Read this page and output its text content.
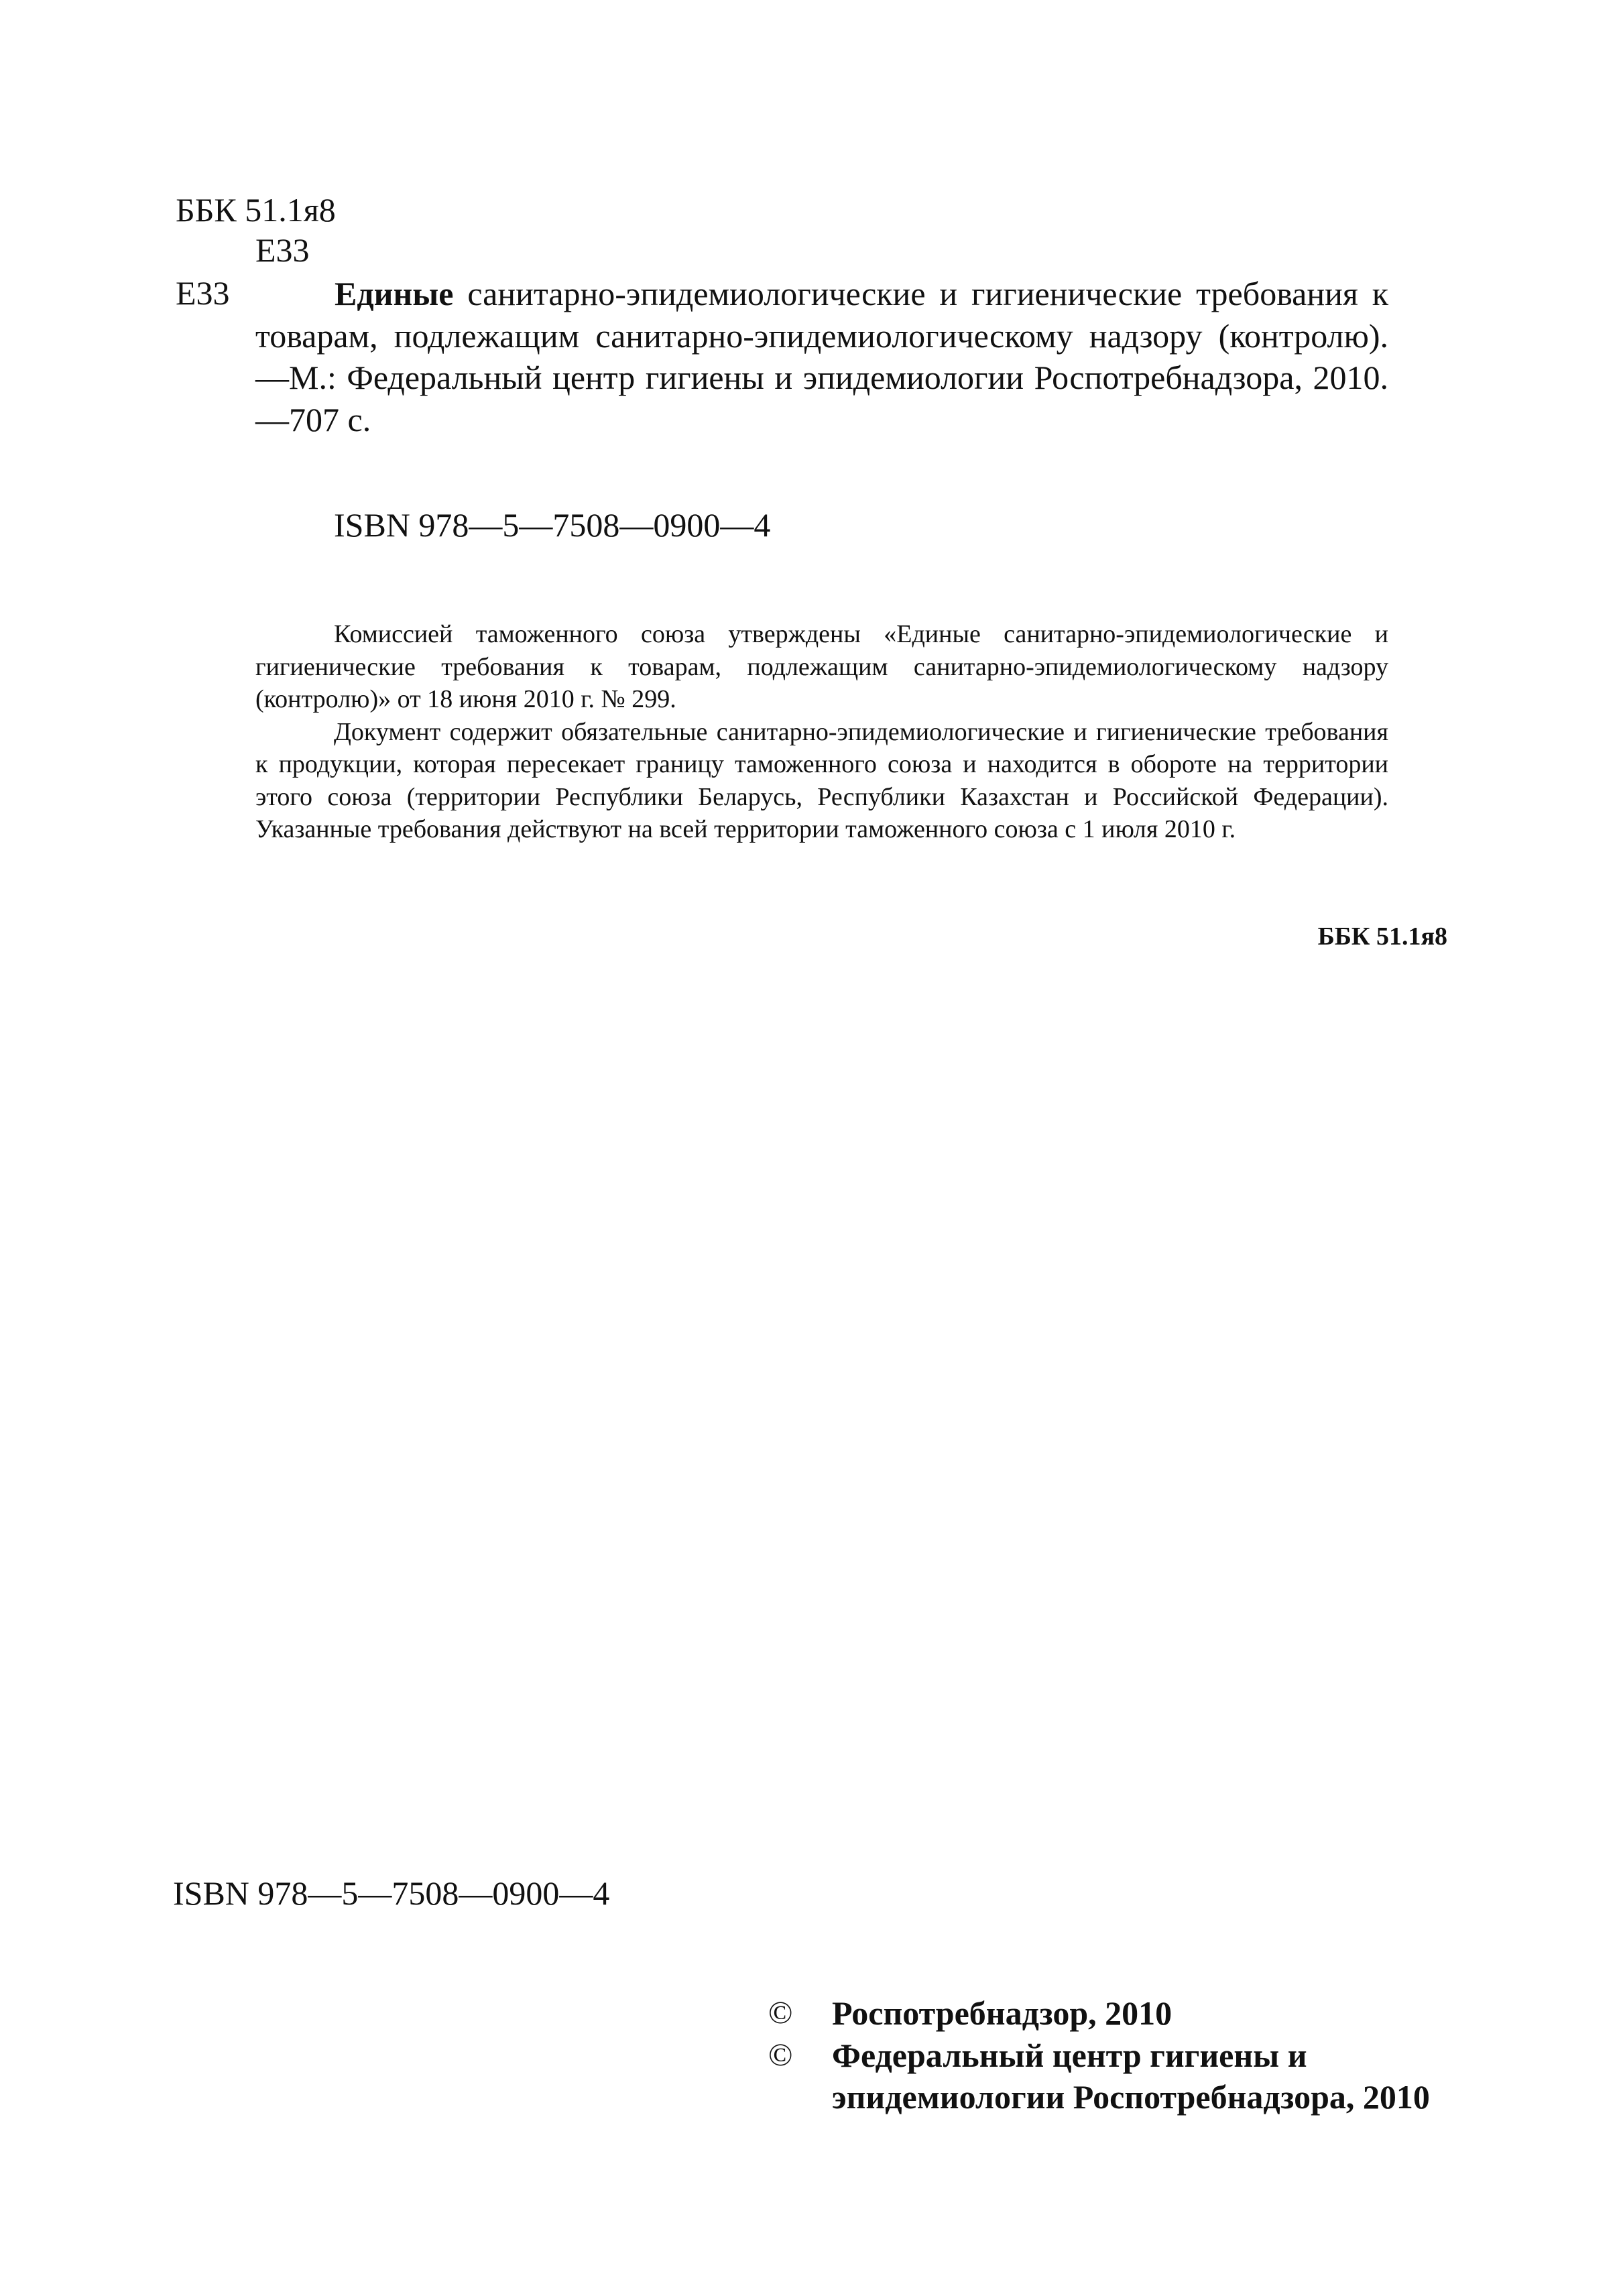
ББК 51.1я8
Е33
Е33	Единые санитарно-эпидемиологические и гигиенические требования к товарам, подлежащим санитарно-эпидемиологическому надзору (контролю).—М.: Федеральный центр гигиены и эпидемиологии Роспотребнадзора, 2010.—707 с.
ISBN 978—5—7508—0900—4

Комиссией таможенного союза утверждены «Единые санитарно-эпидемиологические и гигиенические требования к товарам, подлежащим санитарно-эпидемиологическому надзору (контролю)» от 18 июня 2010 г. № 299.

Документ содержит обязательные санитарно-эпидемиологические и гигиенические требования к продукции, которая пересекает границу таможенного союза и находится в обороте на территории этого союза (территории Республики Беларусь, Республики Казахстан и Российской Федерации). Указанные требования действуют на всей территории таможенного союза с 1 июля 2010 г.

ББК 51.1я8
ISBN 978—5—7508—0900—4
© Роспотребнадзор, 2010
© Федеральный центр гигиены и
эпидемиологии Роспотребнадзора, 2010
